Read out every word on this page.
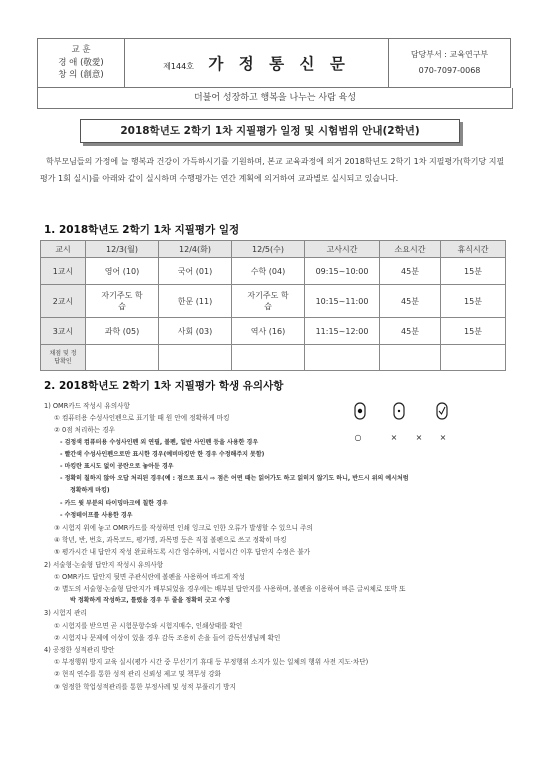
교 훈
경 애 (敬愛)
창 의 (創意)
	제144호 가 정 통 신 문	
담당부서 : 교육연구부
070-7097-0068
더불어 성장하고 행복을 나누는 사람 육성
2018학년도 2학기 1차 지필평가 일정 및 시험범위 안내(2학년)
학부모님들의 가정에 늘 행복과 건강이 가득하시기를 기원하며, 본교 교육과정에 의거 2018학년도 2학기 1차 지필평가(학기당 지필평가 1회 실시)를 아래와 같이 실시하며 수행평가는 연간 계획에 의거하여 교과별로 실시되고 있습니다.
1. 2018학년도 2학기 1차 지필평가 일정
교시	12/3(월)	12/4(화)	12/5(수)	고사시간	소요시간	휴식시간
1교시	영어 (10)	국어 (01)	수학 (04)	09:15~10:00	45분	15분
2교시	자기주도 학습	한문 (11)	자기주도 학습	10:15~11:00	45분	15분
3교시	과학 (05)	사회 (03)	역사 (16)	11:15~12:00	45분	15분
채점 및 정답확인						
2. 2018학년도 2학기 1차 지필평가 학생 유의사항
○	×	×	×
1) OMR카드 작성시 유의사항
① 컴퓨터용 수성사인펜으로 표기할 때 원 안에 정확하게 마킹
② 0점 처리하는 경우
- 검정색 컴퓨터용 수성사인펜 외 연필, 볼펜, 일반 사인펜 등을 사용한 경우
- 빨간색 수성사인펜으로만 표시한 경우(예비마킹만 한 경우 수정해주지 못함)
- 마킹란 표시도 없이 공란으로 놓아둔 경우
- 정확히 칠하지 않아 오답 처리된 경우(예 : 점으로 표시 ⇨ 점은 어떤 때는 읽어가도 하고 읽히지 않기도 하니, 반드시 위의 예시처럼
정확하게 마킹)
- 카드 윗 부분의 타이밍마크에 칠한 경우
- 수정테이프를 사용한 경우
③ 시험지 위에 놓고 OMR카드를 작성하면 인쇄 잉크로 인한 오류가 발생할 수 있으니 주의
④ 학년, 반, 번호, 과목코드, 평가명, 과목명 등은 직접 볼펜으로 쓰고 정확히 마킹
⑤ 평가시간 내 답안지 작성 완료하도록 시간 엄수하며, 시험시간 이후 답안지 수정은 불가
2) 서술형·논술형 답안지 작성시 유의사항
① OMR카드 답안지 뒷면 주관식란에 볼펜을 사용하여 바르게 작성
② 별도의 서술형·논술형 답안지가 배부되었을 경우에는 배부된 답안지를 사용하며, 볼펜을 이용하여 바른 글씨체로 또박 또
박 정확하게 작성하고, 틀렸을 경우 두 줄을 정확히 긋고 수정
3) 시험지 관리
① 시험지를 받으면 곧 시험문항수와 시험지매수, 인쇄상태를 확인
② 시험지나 문제에 이상이 있을 경우 감독 조용히 손을 들어 감독선생님께 확인
4) 공정한 성적관리 방안
① 부정행위 방지 교육 실시(평가 시간 중 무선기기 휴대 등 부정행위 소지가 있는 일체의 행위 사전 지도·차단)
② 현직 연수를 통한 성적 관리 신뢰성 제고 및 책무성 강화
③ 엄정한 학업성적관리를 통한 부정사례 및 성적 부풀리기 방지
